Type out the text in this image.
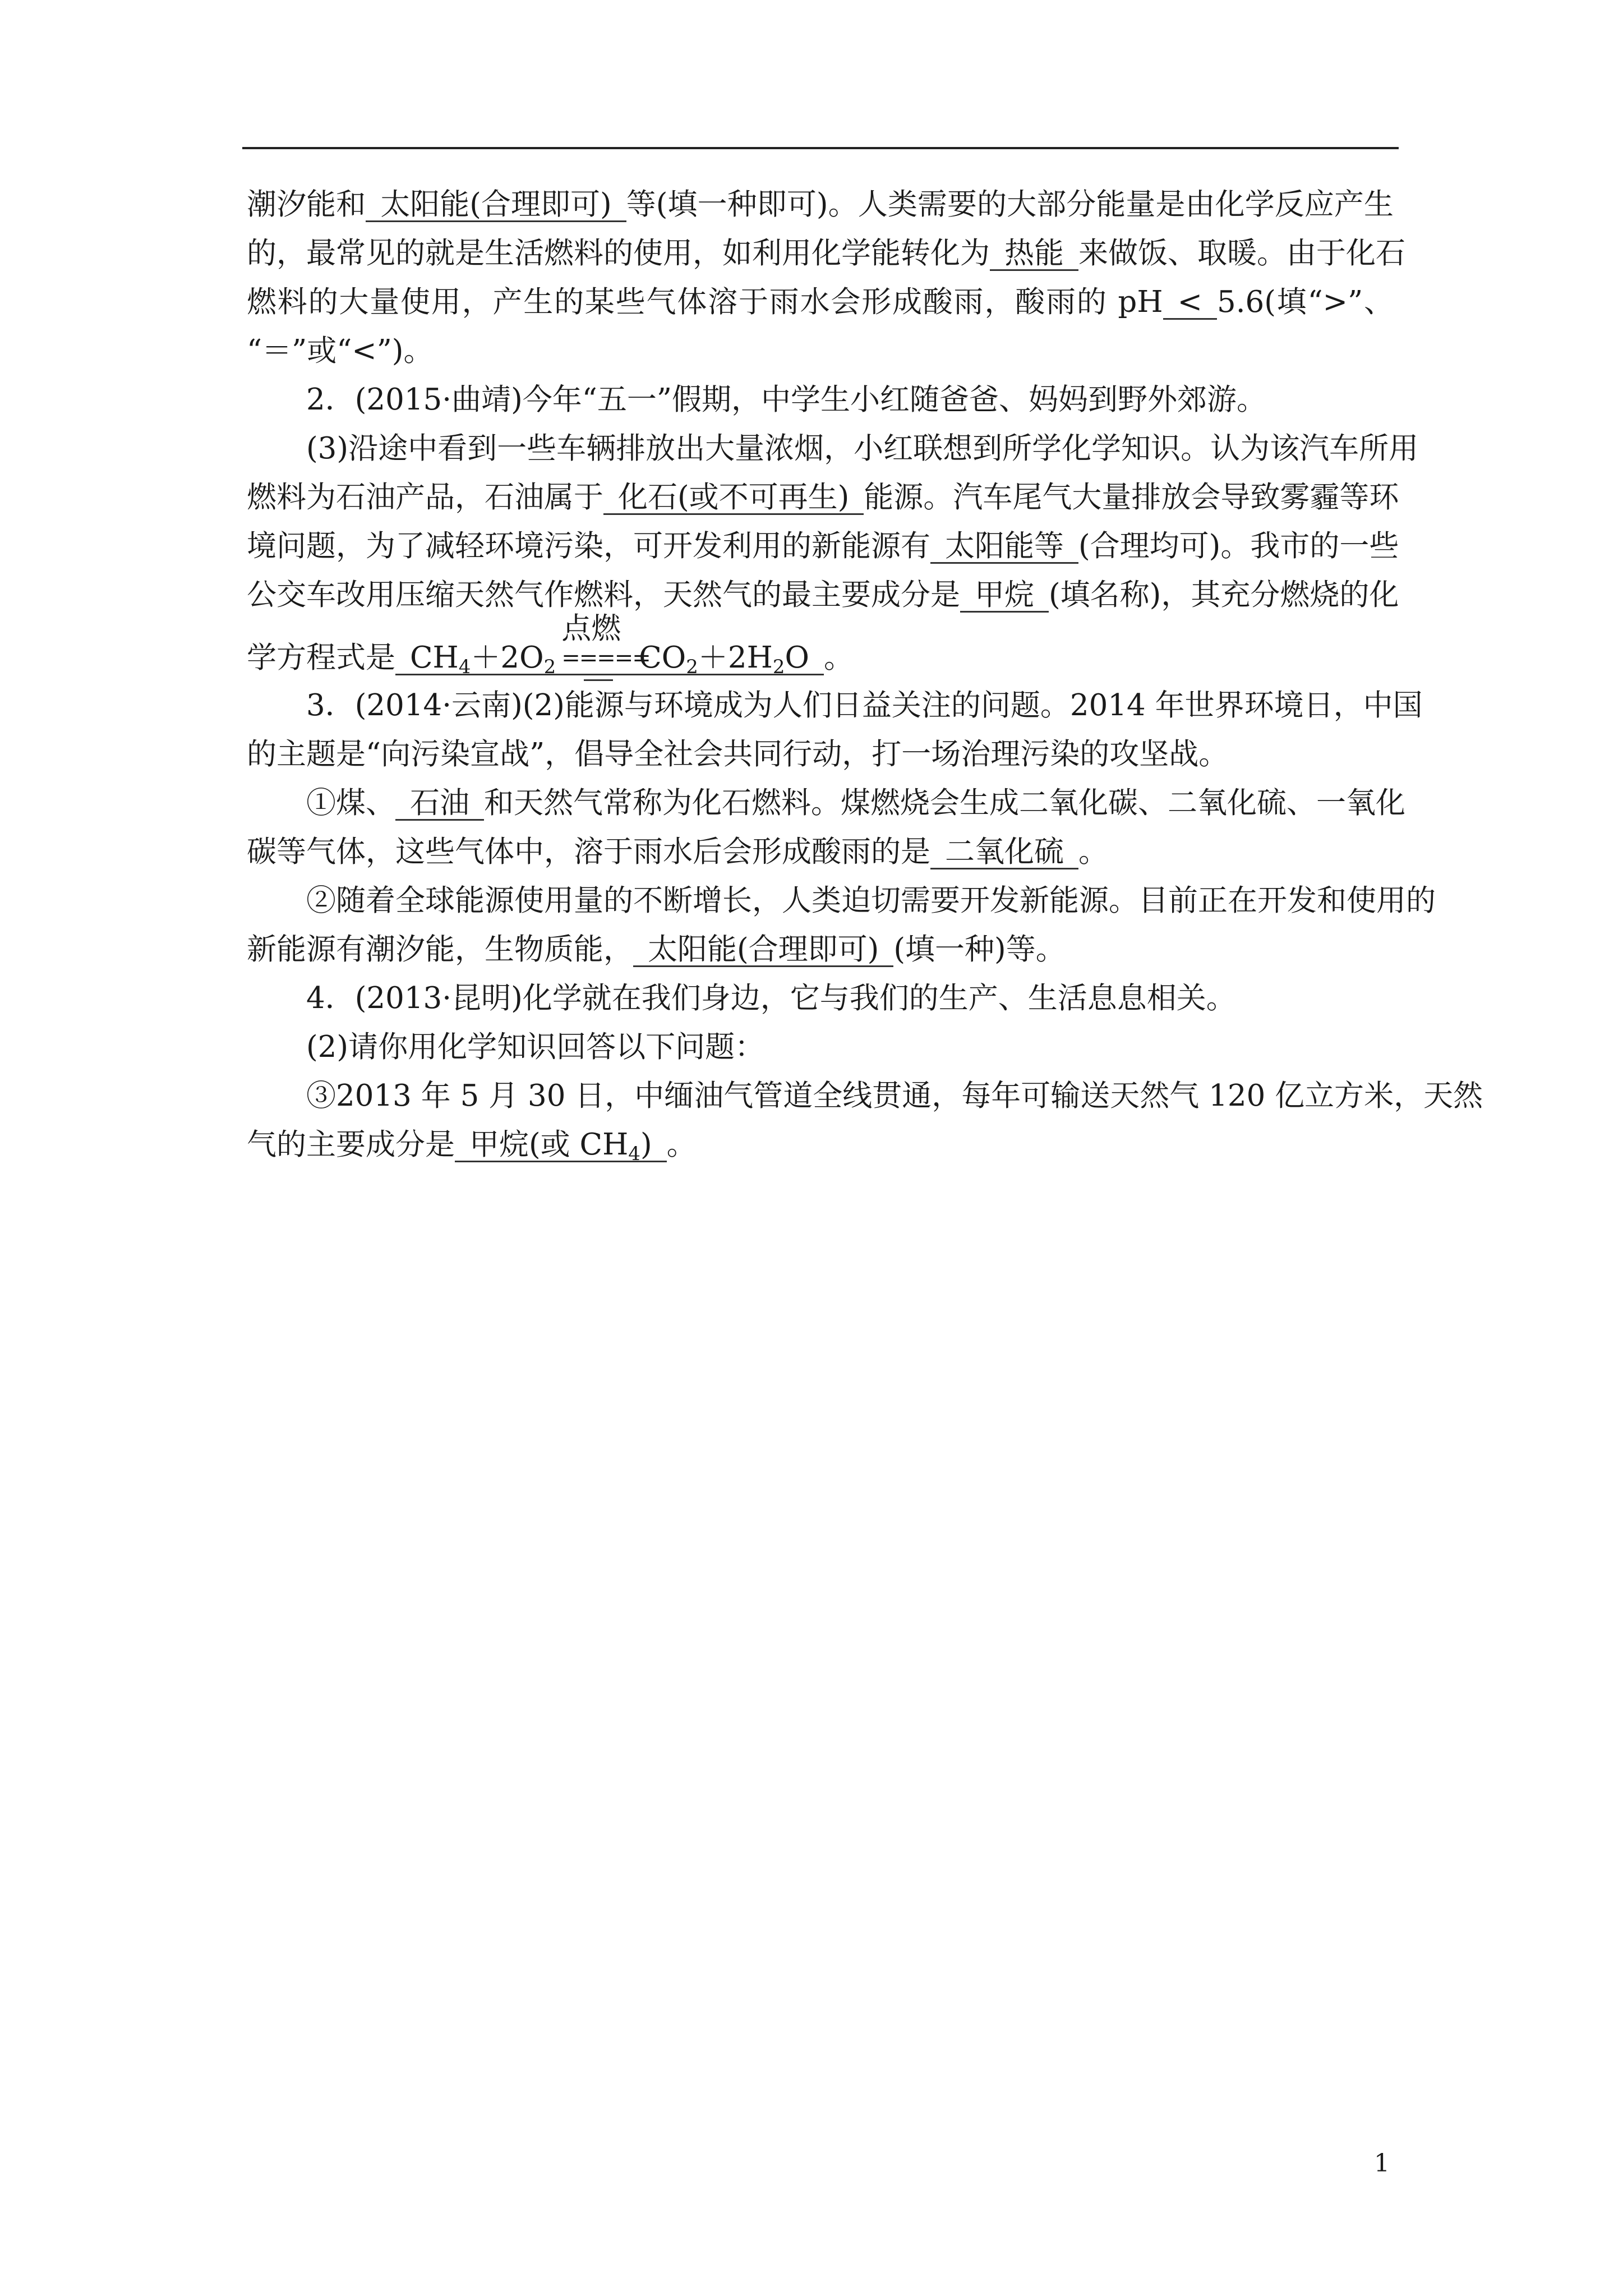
潮汐能和 太阳能(合理即可) 等(填一种即可)。人类需要的大部分能量是由化学反应产生
的，最常见的就是生活燃料的使用，如利用化学能转化为 热能 来做饭、取暖。由于化石
燃料的大量使用，产生的某些气体溶于雨水会形成酸雨，酸雨的 pH < 5.6(填“>”、
“＝”或“<”)。
2．(2015·曲靖)今年“五一”假期，中学生小红随爸爸、妈妈到野外郊游。
(3)沿途中看到一些车辆排放出大量浓烟，小红联想到所学化学知识。认为该汽车所用
燃料为石油产品，石油属于 化石(或不可再生) 能源。汽车尾气大量排放会导致雾霾等环
境问题，为了减轻环境污染，可开发利用的新能源有 太阳能等 (合理均可)。我市的一些
公交车改用压缩天然气作燃料，天然气的最主要成分是 甲烷 (填名称)，其充分燃烧的化
学方程式是 $CH_4+2O_2$
点燃
=====
$CO_2+2H_2O$ 。
3．(2014·云南)(2)能源与环境成为人们日益关注的问题。2014 年世界环境日，中国
的主题是“向污染宣战”，倡导全社会共同行动，打一场治理污染的攻坚战。
①煤、 石油 和天然气常称为化石燃料。煤燃烧会生成二氧化碳、二氧化硫、一氧化
碳等气体，这些气体中，溶于雨水后会形成酸雨的是 二氧化硫 。
②随着全球能源使用量的不断增长，人类迫切需要开发新能源。目前正在开发和使用的
新能源有潮汐能，生物质能， 太阳能(合理即可) (填一种)等。
4．(2013·昆明)化学就在我们身边，它与我们的生产、生活息息相关。
(2)请你用化学知识回答以下问题：
③2013 年 5 月 30 日，中缅油气管道全线贯通，每年可输送天然气 120 亿立方米，天然
气的主要成分是 甲烷(或 $CH_4$) 。
1
